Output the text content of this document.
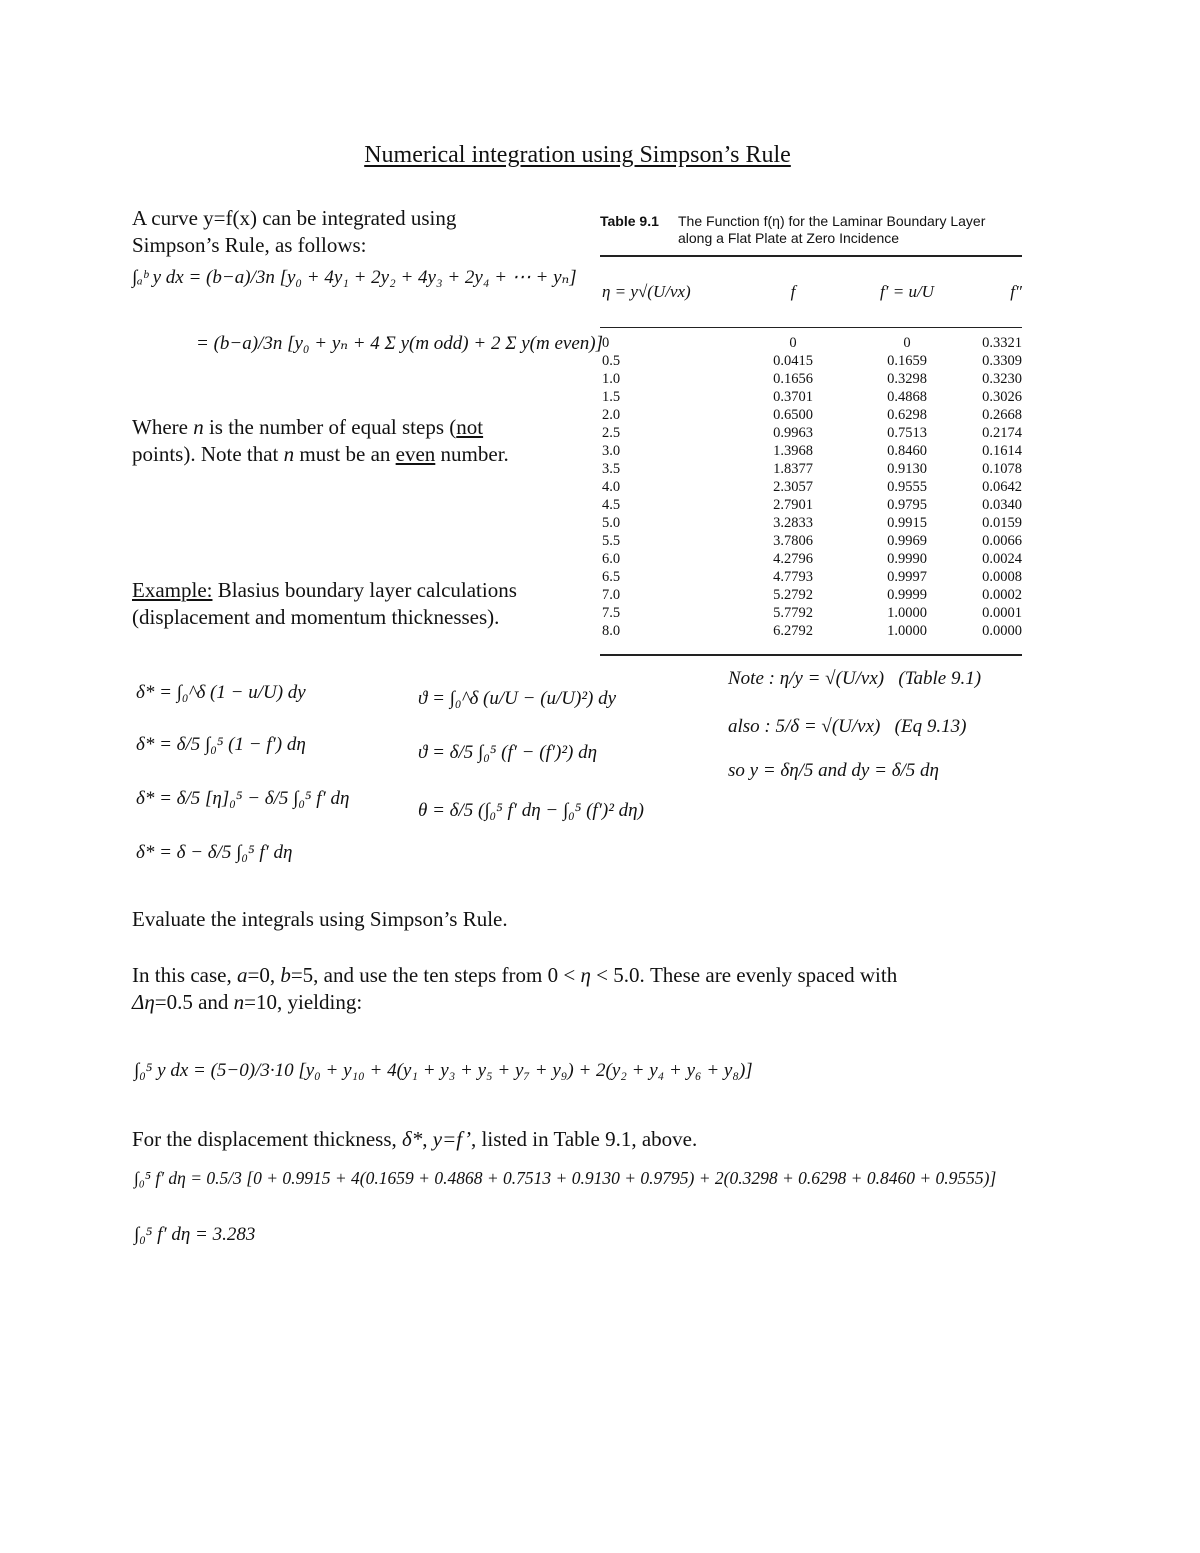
Numerical integration using Simpson’s Rule
A curve y=f(x) can be integrated using
Simpson’s Rule, as follows:
∫ₐᵇ y dx = (b−a)/3n [y₀ + 4y₁ + 2y₂ + 4y₃ + 2y₄ + ⋯ + yₙ]
= (b−a)/3n [y₀ + yₙ + 4 Σ y(m odd) + 2 Σ y(m even)]
Where n is the number of equal steps (not
points). Note that n must be an even number.
Example: Blasius boundary layer calculations
(displacement and momentum thicknesses).
Table 9.1	The Function f(η) for the Laminar Boundary Layer
along a Flat Plate at Zero Incidence
η = y√(U/νx)	f	f′ = u/U	f″
0	0	0	0.3321
0.5	0.0415	0.1659	0.3309
1.0	0.1656	0.3298	0.3230
1.5	0.3701	0.4868	0.3026
2.0	0.6500	0.6298	0.2668
2.5	0.9963	0.7513	0.2174
3.0	1.3968	0.8460	0.1614
3.5	1.8377	0.9130	0.1078
4.0	2.3057	0.9555	0.0642
4.5	2.7901	0.9795	0.0340
5.0	3.2833	0.9915	0.0159
5.5	3.7806	0.9969	0.0066
6.0	4.2796	0.9990	0.0024
6.5	4.7793	0.9997	0.0008
7.0	5.2792	0.9999	0.0002
7.5	5.7792	1.0000	0.0001
8.0	6.2792	1.0000	0.0000
δ* = ∫₀^δ (1 − u/U) dy
δ* = δ/5 ∫₀⁵ (1 − f′) dη
δ* = δ/5 [η]₀⁵ − δ/5 ∫₀⁵ f′ dη
δ* = δ − δ/5 ∫₀⁵ f′ dη
ϑ = ∫₀^δ (u/U − (u/U)²) dy
ϑ = δ/5 ∫₀⁵ (f′ − (f′)²) dη
θ = δ/5 (∫₀⁵ f′ dη − ∫₀⁵ (f′)² dη)
Note : η/y = √(U/νx) (Table 9.1)
also : 5/δ = √(U/νx) (Eq 9.13)
so y = δη/5 and dy = δ/5 dη
Evaluate the integrals using Simpson’s Rule.
In this case, a=0, b=5, and use the ten steps from 0 < η < 5.0. These are evenly spaced with
Δη=0.5 and n=10, yielding:
∫₀⁵ y dx = (5−0)/3·10 [y₀ + y₁₀ + 4(y₁ + y₃ + y₅ + y₇ + y₉) + 2(y₂ + y₄ + y₆ + y₈)]
For the displacement thickness, δ*, y=f’, listed in Table 9.1, above.
∫₀⁵ f′ dη = 0.5/3 [0 + 0.9915 + 4(0.1659 + 0.4868 + 0.7513 + 0.9130 + 0.9795) + 2(0.3298 + 0.6298 + 0.8460 + 0.9555)]
∫₀⁵ f′ dη = 3.283
